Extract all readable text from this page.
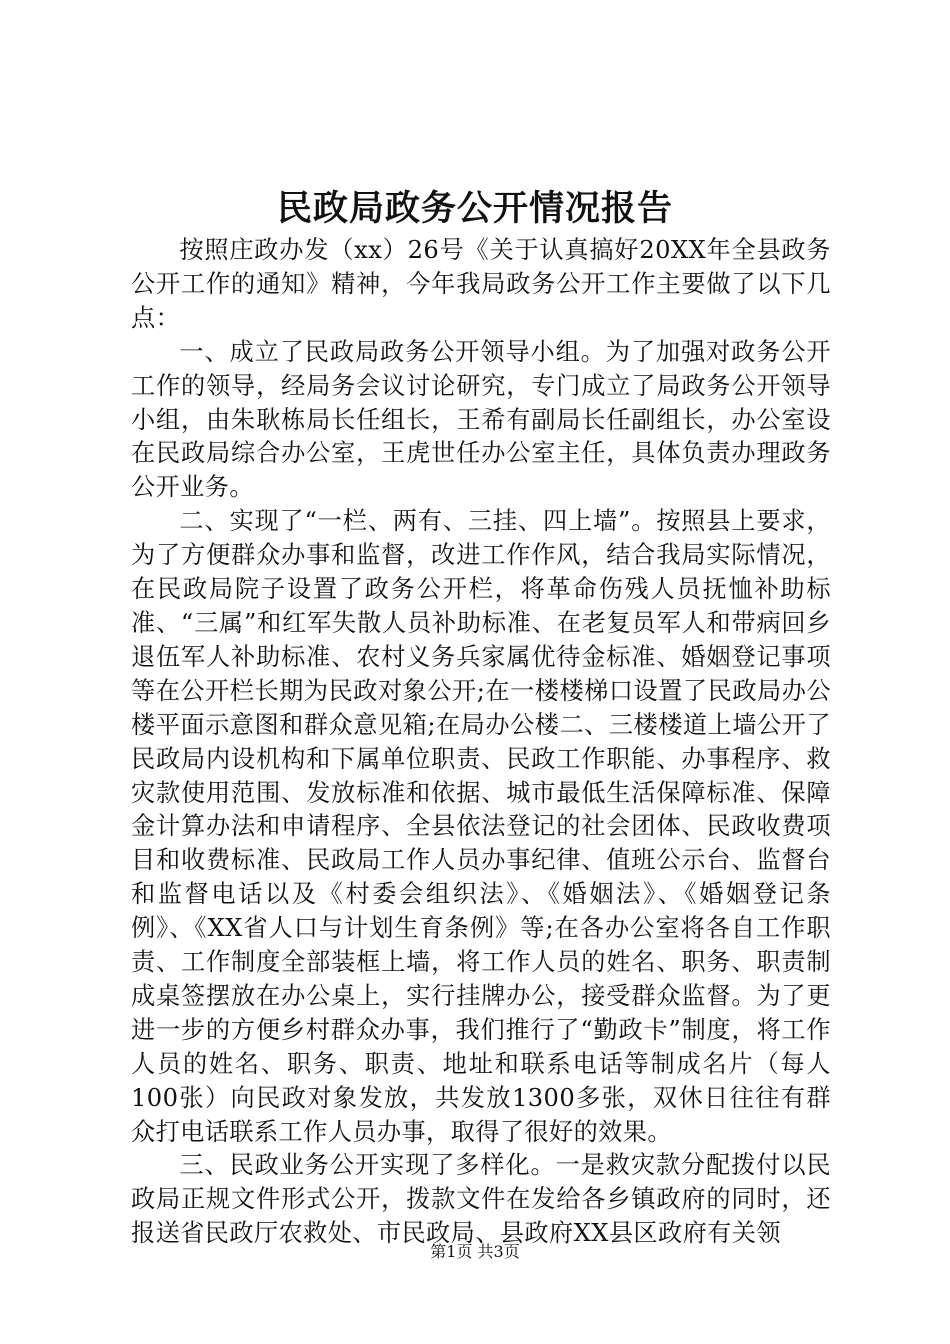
民政局政务公开情况报告

按照庄政办发（xx）26号《关于认真搞好20XX年全县政务公开工作的通知》精神，今年我局政务公开工作主要做了以下几点：

一、成立了民政局政务公开领导小组。为了加强对政务公开工作的领导，经局务会议讨论研究，专门成立了局政务公开领导小组，由朱耿栋局长任组长，王希有副局长任副组长，办公室设在民政局综合办公室，王虎世任办公室主任，具体负责办理政务公开业务。

二、实现了“一栏、两有、三挂、四上墙”。按照县上要求，为了方便群众办事和监督，改进工作作风，结合我局实际情况，在民政局院子设置了政务公开栏，将革命伤残人员抚恤补助标准、“三属”和红军失散人员补助标准、在老复员军人和带病回乡退伍军人补助标准、农村义务兵家属优待金标准、婚姻登记事项等在公开栏长期为民政对象公开;在一楼楼梯口设置了民政局办公楼平面示意图和群众意见箱;在局办公楼二、三楼楼道上墙公开了民政局内设机构和下属单位职责、民政工作职能、办事程序、救灾款使用范围、发放标准和依据、城市最低生活保障标准、保障金计算办法和申请程序、全县依法登记的社会团体、民政收费项目和收费标准、民政局工作人员办事纪律、值班公示台、监督台和监督电话以及《村委会组织法》、《婚姻法》、《婚姻登记条例》、《XX省人口与计划生育条例》等;在各办公室将各自工作职责、工作制度全部装框上墙，将工作人员的姓名、职务、职责制成桌签摆放在办公桌上，实行挂牌办公，接受群众监督。为了更进一步的方便乡村群众办事，我们推行了“勤政卡”制度，将工作人员的姓名、职务、职责、地址和联系电话等制成名片（每人100张）向民政对象发放，共发放1300多张，双休日往往有群众打电话联系工作人员办事，取得了很好的效果。

三、民政业务公开实现了多样化。一是救灾款分配拨付以民政局正规文件形式公开，拨款文件在发给各乡镇政府的同时，还报送省民政厅农救处、市民政局、县政府XX县区政府有关领

第1页 共3页
